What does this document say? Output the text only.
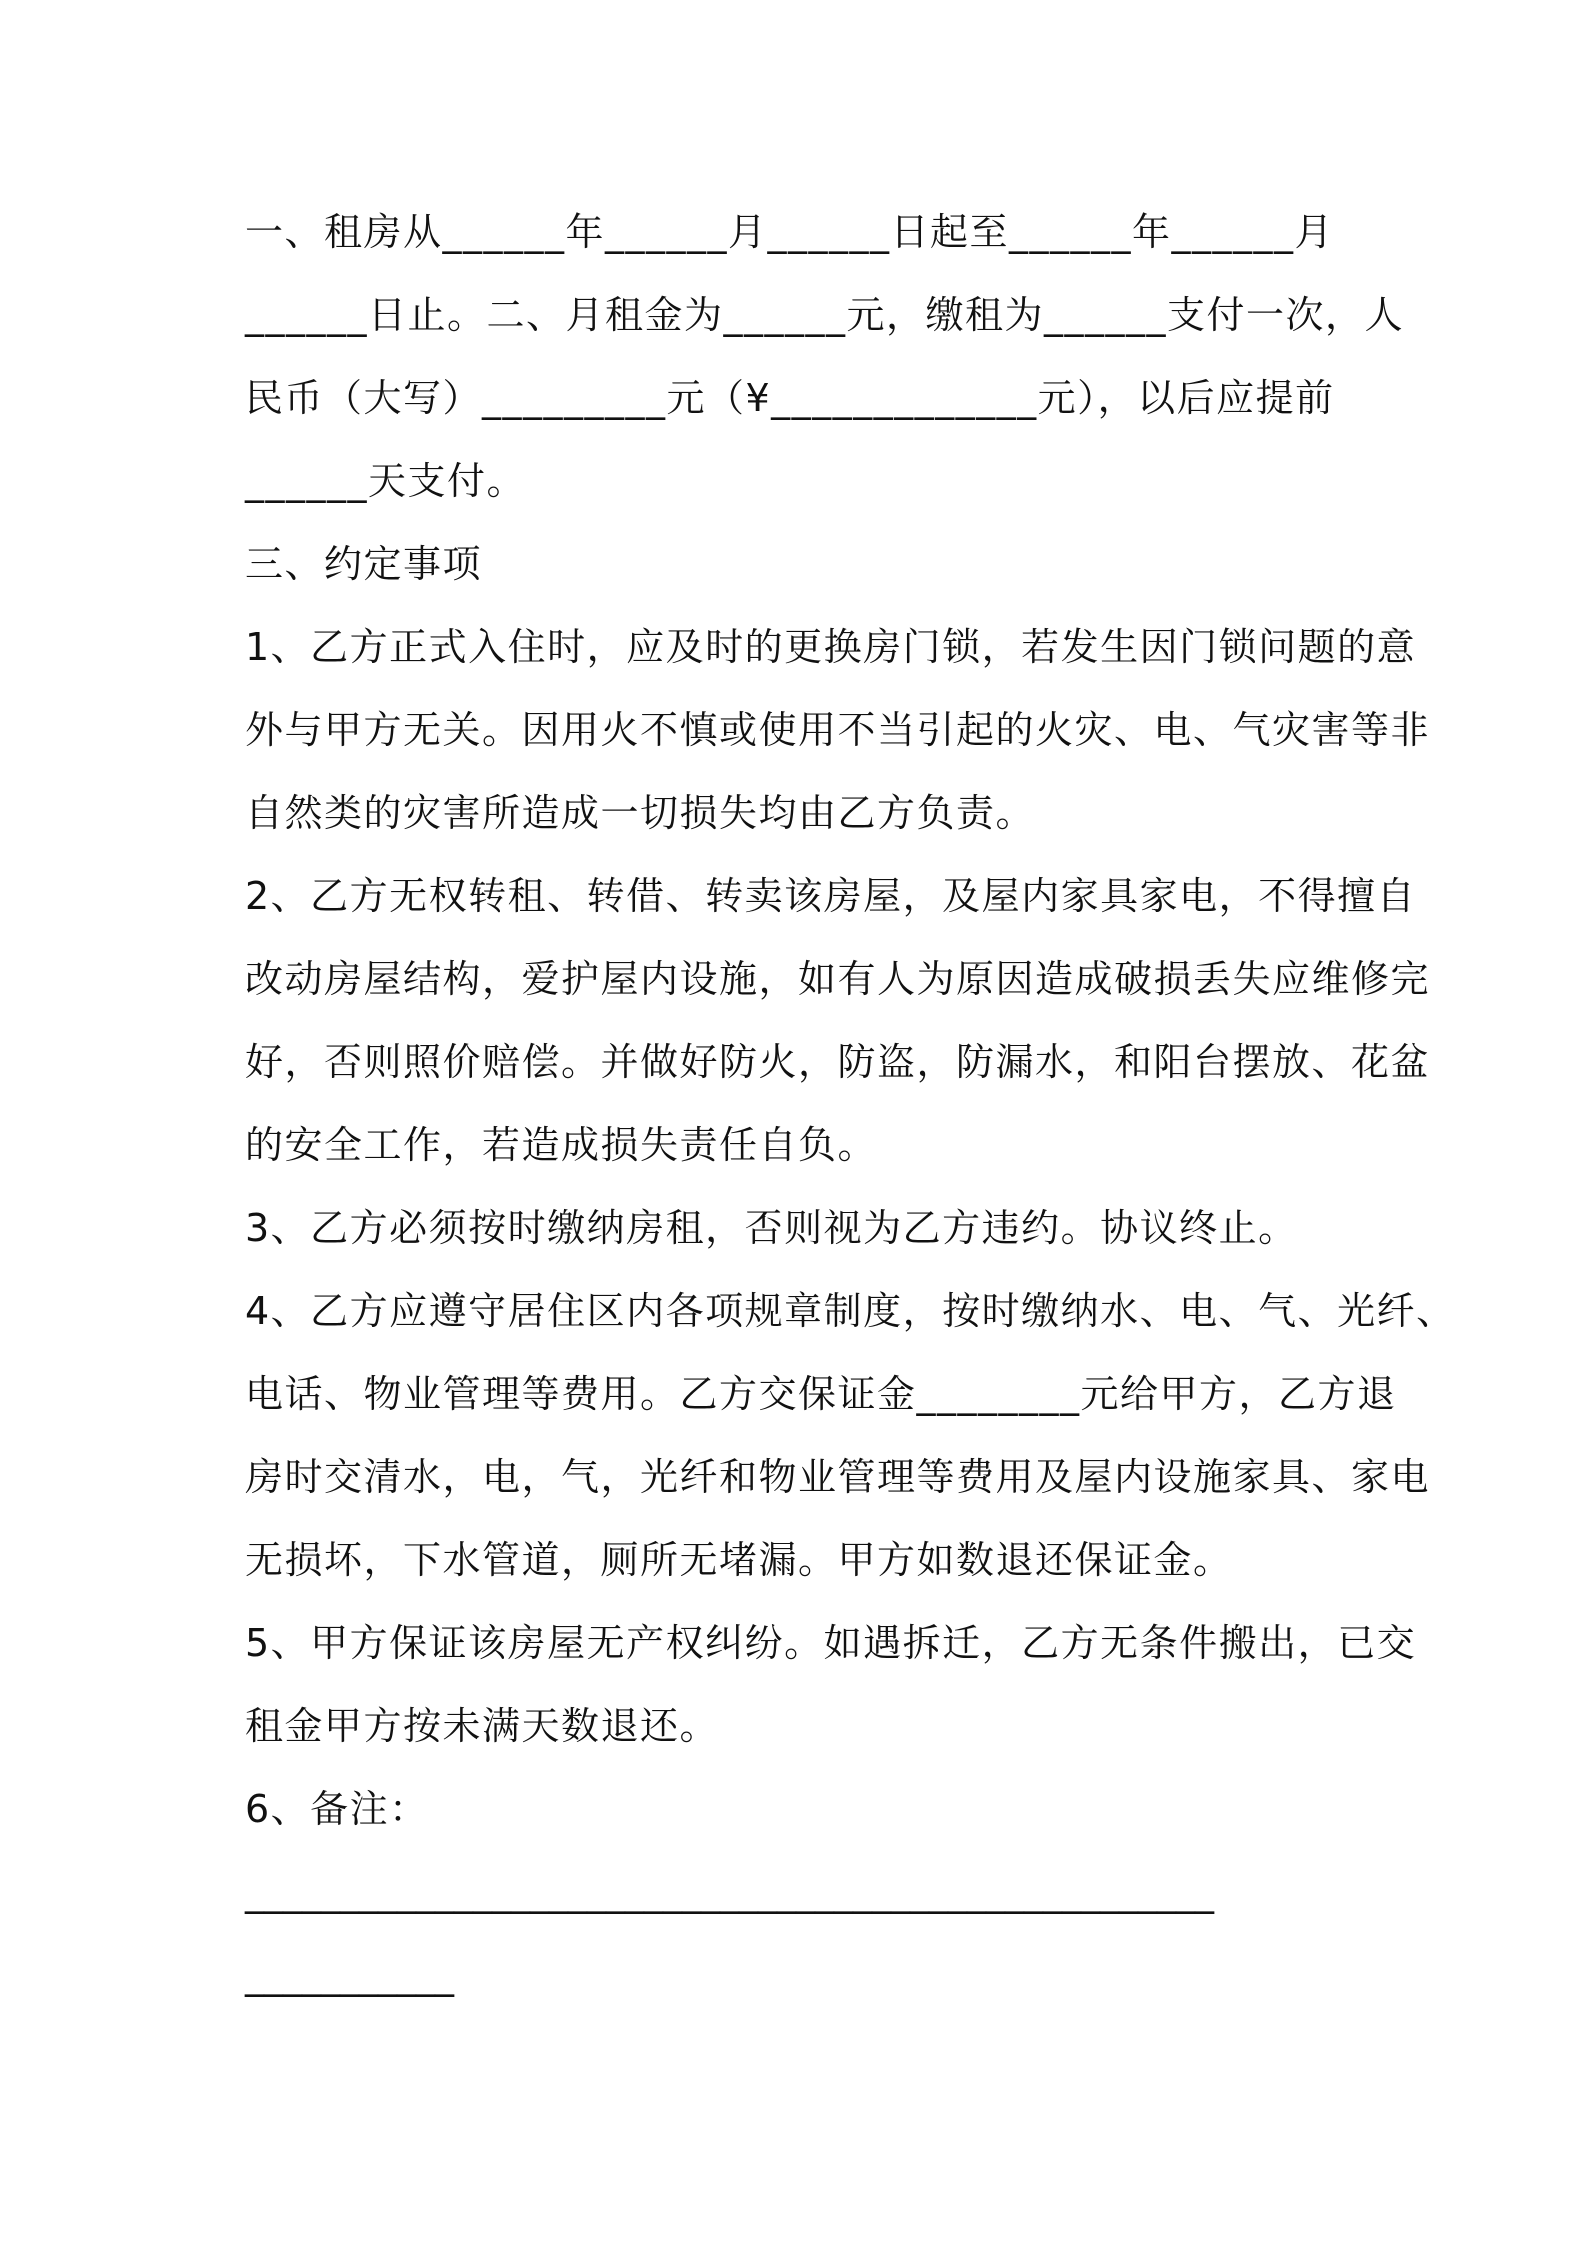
一、租房从______年______月______日起至______年______月
______日止。二、月租金为______元，缴租为______支付一次，人
民币（大写）_________元（¥_____________元），以后应提前
______天支付。
三、约定事项
1、乙方正式入住时，应及时的更换房门锁，若发生因门锁问题的意
外与甲方无关。因用火不慎或使用不当引起的火灾、电、气灾害等非
自然类的灾害所造成一切损失均由乙方负责。
2、乙方无权转租、转借、转卖该房屋，及屋内家具家电，不得擅自
改动房屋结构，爱护屋内设施，如有人为原因造成破损丢失应维修完
好，否则照价赔偿。并做好防火，防盗，防漏水，和阳台摆放、花盆
的安全工作，若造成损失责任自负。
3、乙方必须按时缴纳房租，否则视为乙方违约。协议终止。
4、乙方应遵守居住区内各项规章制度，按时缴纳水、电、气、光纤、
电话、物业管理等费用。乙方交保证金________元给甲方，乙方退
房时交清水，电，气，光纤和物业管理等费用及屋内设施家具、家电
无损坏，下水管道，厕所无堵漏。甲方如数退还保证金。
5、甲方保证该房屋无产权纠纷。如遇拆迁，乙方无条件搬出，已交
租金甲方按未满天数退还。
6、备注：
___________________________________________________
___________
